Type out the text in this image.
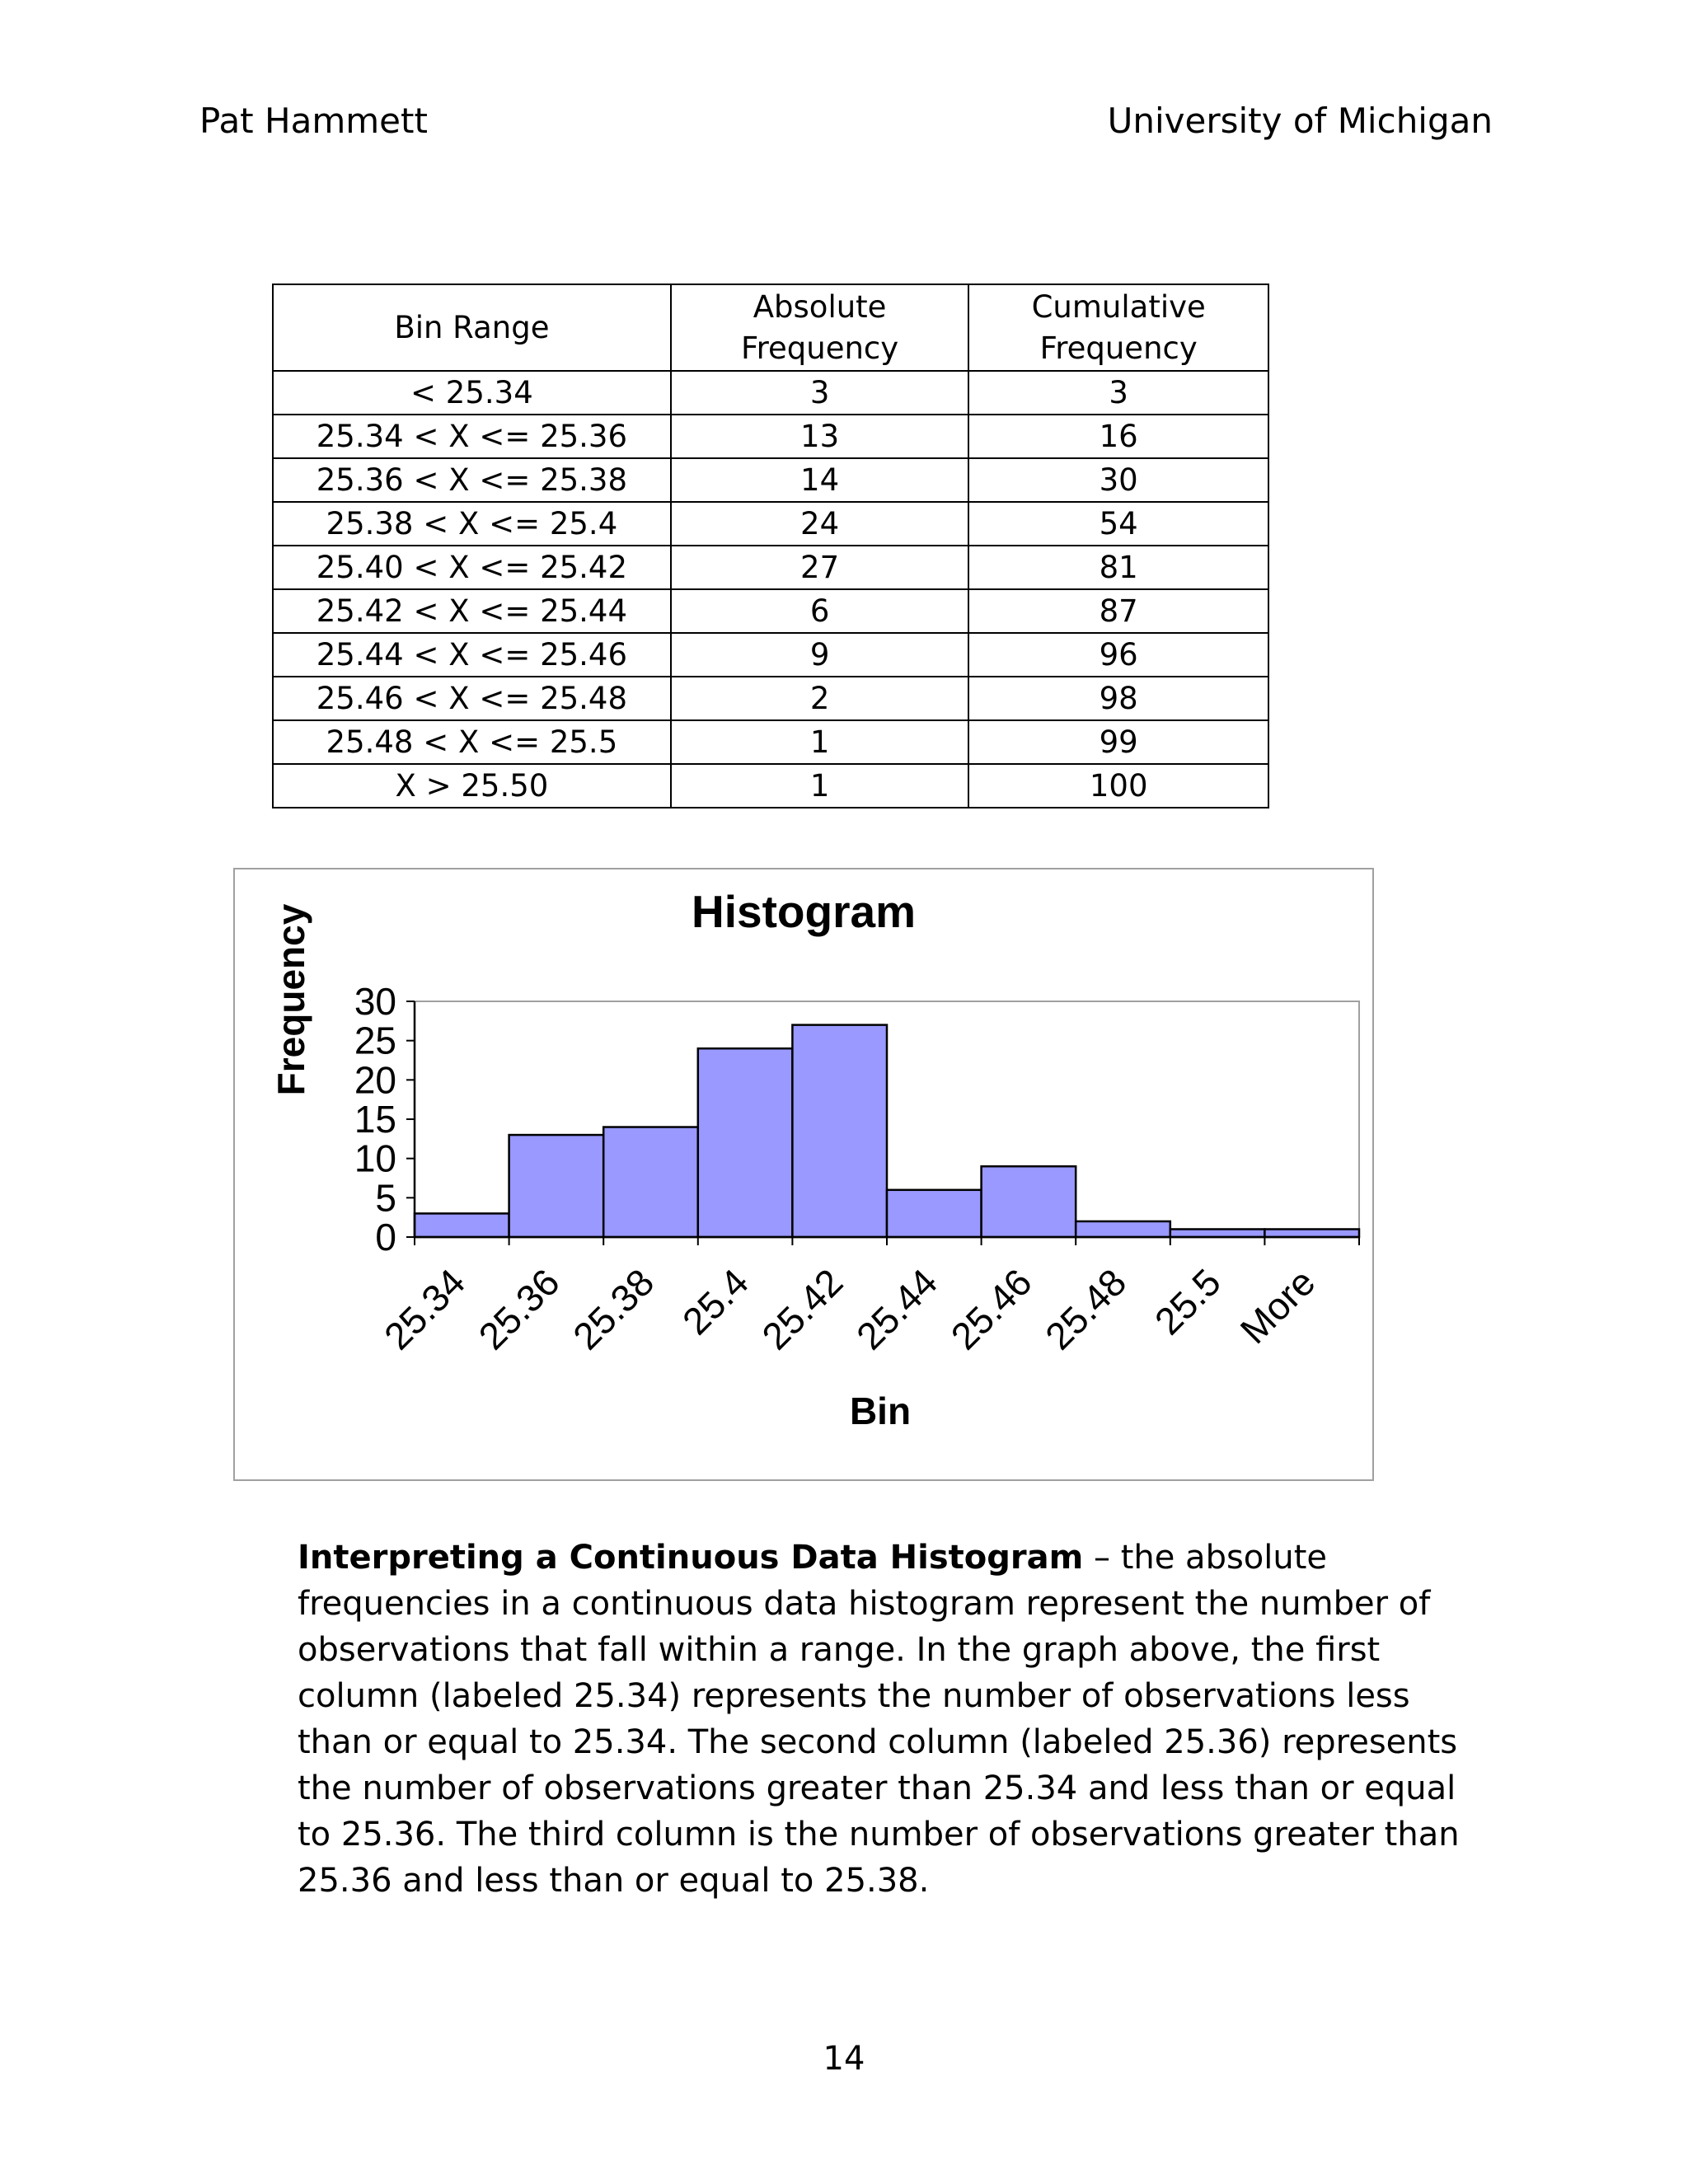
Pat Hammett	University of Michigan
Bin Range	Absolute Frequency	Cumulative Frequency

< 25.34	3	3
25.34 < X <= 25.36	13	16
25.36 < X <= 25.38	14	30
25.38 < X <= 25.4	24	54
25.40 < X <= 25.42	27	81
25.42 < X <= 25.44	6	87
25.44 < X <= 25.46	9	96
25.46 < X <= 25.48	2	98
25.48 < X <= 25.5	1	99
X > 25.50	1	100
Histogram
Frequency
Bin
0
5
10
15
20
25
30
25.34
25.36
25.38 25.4
25.42
25.44
25.46
25.48 25.5 More
Interpreting a Continuous Data Histogram – the absolute frequencies in a continuous data histogram represent the number of observations that fall within a range. In the graph above, the first column (labeled 25.34) represents the number of observations less than or equal to 25.34. The second column (labeled 25.36) represents the number of observations greater than 25.34 and less than or equal to 25.36. The third column is the number of observations greater than 25.36 and less than or equal to 25.38.
14
